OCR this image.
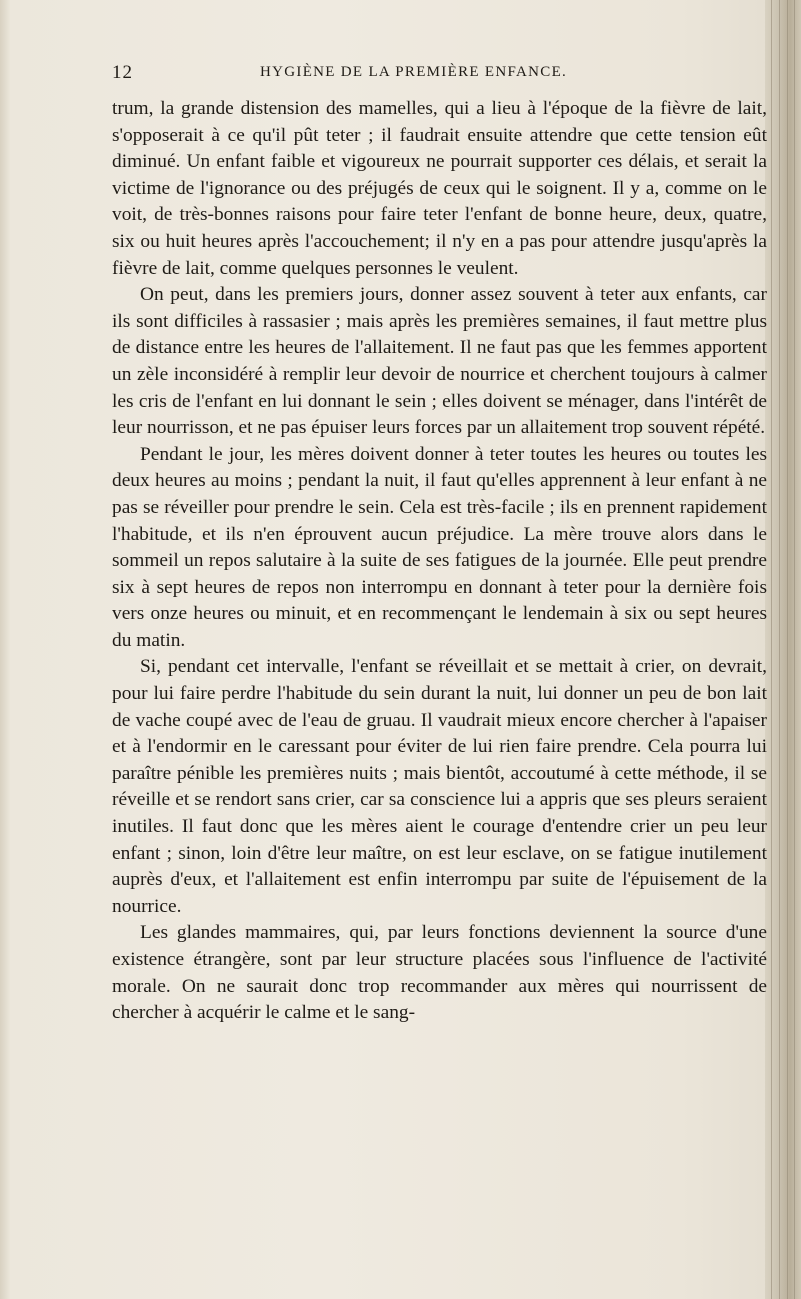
12	HYGIÈNE DE LA PREMIÈRE ENFANCE.

trum, la grande distension des mamelles, qui a lieu à l'époque de la fièvre de lait, s'opposerait à ce qu'il pût teter ; il faudrait ensuite attendre que cette tension eût diminué. Un enfant faible et vigoureux ne pourrait supporter ces délais, et serait la victime de l'ignorance ou des préjugés de ceux qui le soignent. Il y a, comme on le voit, de très-bonnes raisons pour faire teter l'enfant de bonne heure, deux, quatre, six ou huit heures après l'accouchement; il n'y en a pas pour attendre jusqu'après la fièvre de lait, comme quelques personnes le veulent.

On peut, dans les premiers jours, donner assez souvent à teter aux enfants, car ils sont difficiles à rassasier ; mais après les premières semaines, il faut mettre plus de distance entre les heures de l'allaitement. Il ne faut pas que les femmes apportent un zèle inconsidéré à remplir leur devoir de nourrice et cherchent toujours à calmer les cris de l'enfant en lui donnant le sein ; elles doivent se ménager, dans l'intérêt de leur nourrisson, et ne pas épuiser leurs forces par un allaitement trop souvent répété.

Pendant le jour, les mères doivent donner à teter toutes les heures ou toutes les deux heures au moins ; pendant la nuit, il faut qu'elles apprennent à leur enfant à ne pas se réveiller pour prendre le sein. Cela est très-facile ; ils en prennent rapidement l'habitude, et ils n'en éprouvent aucun préjudice. La mère trouve alors dans le sommeil un repos salutaire à la suite de ses fatigues de la journée. Elle peut prendre six à sept heures de repos non interrompu en donnant à teter pour la dernière fois vers onze heures ou minuit, et en recommençant le lendemain à six ou sept heures du matin.

Si, pendant cet intervalle, l'enfant se réveillait et se mettait à crier, on devrait, pour lui faire perdre l'habitude du sein durant la nuit, lui donner un peu de bon lait de vache coupé avec de l'eau de gruau. Il vaudrait mieux encore chercher à l'apaiser et à l'endormir en le caressant pour éviter de lui rien faire prendre. Cela pourra lui paraître pénible les premières nuits ; mais bientôt, accoutumé à cette méthode, il se réveille et se rendort sans crier, car sa conscience lui a appris que ses pleurs seraient inutiles. Il faut donc que les mères aient le courage d'entendre crier un peu leur enfant ; sinon, loin d'être leur maître, on est leur esclave, on se fatigue inutilement auprès d'eux, et l'allaitement est enfin interrompu par suite de l'épuisement de la nourrice.

Les glandes mammaires, qui, par leurs fonctions deviennent la source d'une existence étrangère, sont par leur structure placées sous l'influence de l'activité morale. On ne saurait donc trop recommander aux mères qui nourrissent de chercher à acquérir le calme et le sang-
